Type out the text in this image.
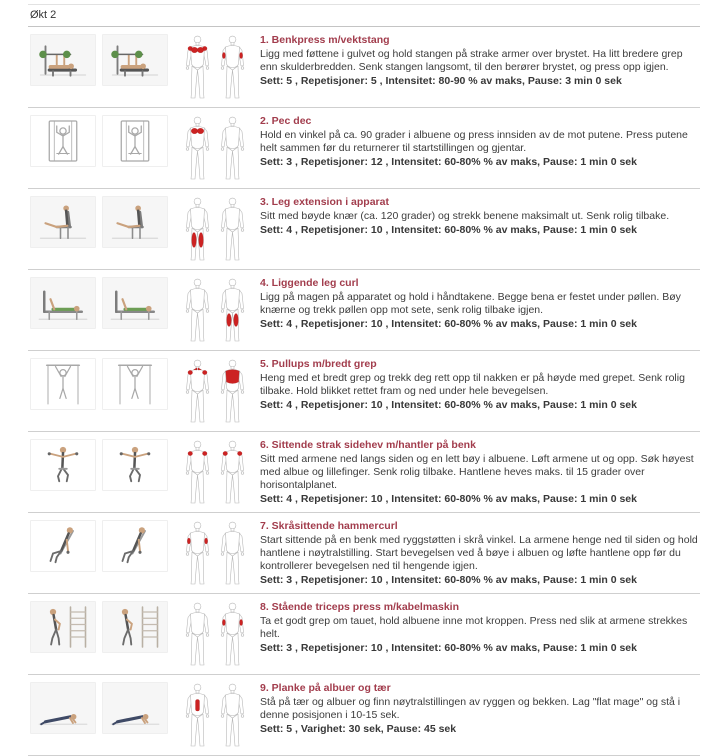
Økt 2
1. Benkpress m/vektstang
Ligg med føttene i gulvet og hold stangen på strake armer over brystet. Ha litt bredere grep enn skulderbredden. Senk stangen langsomt, til den berører brystet, og press opp igjen.
Sett: 5 , Repetisjoner: 5 , Intensitet: 80-90 % av maks, Pause: 3 min 0 sek
2. Pec dec
Hold en vinkel på ca. 90 grader i albuene og press innsiden av de mot putene. Press putene helt sammen før du returnerer til startstillingen og gjentar.
Sett: 3 , Repetisjoner: 12 , Intensitet: 60-80% % av maks, Pause: 1 min 0 sek
3. Leg extension i apparat
Sitt med bøyde knær (ca. 120 grader) og strekk benene maksimalt ut. Senk rolig tilbake.
Sett: 4 , Repetisjoner: 10 , Intensitet: 60-80% % av maks, Pause: 1 min 0 sek
4. Liggende leg curl
Ligg på magen på apparatet og hold i håndtakene. Begge bena er festet under pøllen. Bøy knærne og trekk pøllen opp mot sete, senk rolig tilbake igjen.
Sett: 4 , Repetisjoner: 10 , Intensitet: 60-80% % av maks, Pause: 1 min 0 sek
5. Pullups m/bredt grep
Heng med et bredt grep og trekk deg rett opp til nakken er på høyde med grepet. Senk rolig tilbake. Hold blikket rettet fram og ned under hele bevegelsen.
Sett: 4 , Repetisjoner: 10 , Intensitet: 60-80% % av maks, Pause: 1 min 0 sek
6. Sittende strak sidehev m/hantler på benk
Sitt med armene ned langs siden og en lett bøy i albuene. Løft armene ut og opp. Søk høyest med albue og lillefinger. Senk rolig tilbake. Hantlene heves maks. til 15 grader over horisontalplanet.
Sett: 4 , Repetisjoner: 10 , Intensitet: 60-80% % av maks, Pause: 1 min 0 sek
7. Skråsittende hammercurl
Start sittende på en benk med ryggstøtten i skrå vinkel. La armene henge ned til siden og hold hantlene i nøytralstilling. Start bevegelsen ved å bøye i albuen og løfte hantlene opp før du kontrollerer bevegelsen ned til hengende igjen.
Sett: 3 , Repetisjoner: 10 , Intensitet: 60-80% % av maks, Pause: 1 min 0 sek
8. Stående triceps press m/kabelmaskin
Ta et godt grep om tauet, hold albuene inne mot kroppen. Press ned slik at armene strekkes helt.
Sett: 3 , Repetisjoner: 10 , Intensitet: 60-80% % av maks, Pause: 1 min 0 sek
9. Planke på albuer og tær
Stå på tær og albuer og finn nøytralstillingen av ryggen og bekken. Lag "flat mage" og stå i denne posisjonen i 10-15 sek.
Sett: 5 , Varighet: 30 sek, Pause: 45 sek
